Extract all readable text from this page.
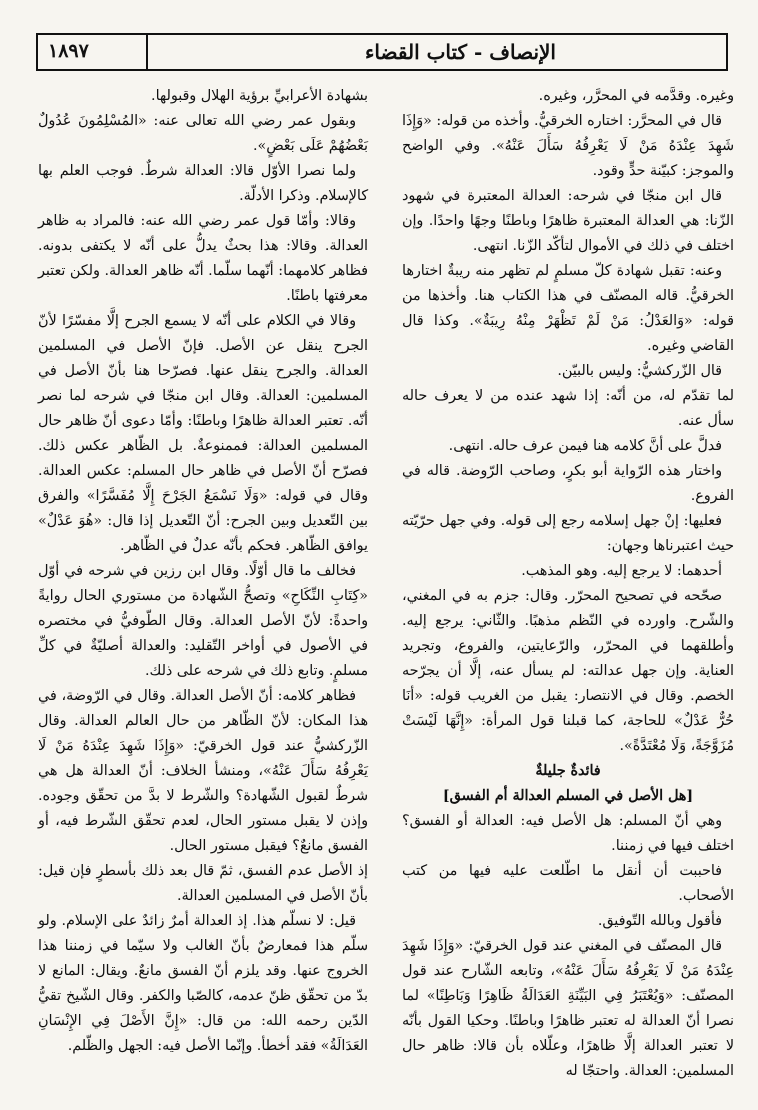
الإنصاف - كتاب القضاء
١٨٩٧

وغيره. وقدَّمه في المحرَّر، وغيره.

قال في المحرَّر: اختاره الخرقيُّ. وأخذه من قوله: «وَإِذَا شَهِدَ عِنْدَهُ مَنْ لَا يَعْرِفُهُ سَأَلَ عَنْهُ». وفي الواضح والموجز: كبيّنة حدٍّ وقود.

قال ابن منجّا في شرحه: العدالة المعتبرة في شهود الزّنا: هي العدالة المعتبرة ظاهرًا وباطنًا وجهًا واحدًا. وإن اختلف في ذلك في الأموال لتأكّد الزّنا. انتهى.

وعنه: تقبل شهادة كلّ مسلمٍ لم تظهر منه ريبةٌ اختارها الخرقيُّ. قاله المصنّف في هذا الكتاب هنا. وأخذها من قوله: «وَالعَدْلُ: مَنْ لَمْ تَظْهَرْ مِنْهُ رِيبَةٌ». وكذا قال القاضي وغيره.

قال الزّركشيُّ: وليس بالبيّن.

لما تقدّم له، من أنّه: إذا شهد عنده من لا يعرف حاله سأل عنه.

فدلَّ على أنَّ كلامه هنا فيمن عرف حاله. انتهى.

واختار هذه الرّواية أبو بكرٍ، وصاحب الرّوضة. قاله في الفروع.

فعليها: إنْ جهل إسلامه رجع إلى قوله. وفي جهل حرّيّته حيث اعتبرناها وجهان:

أحدهما: لا يرجع إليه. وهو المذهب.

صحّحه في تصحيح المحرّر. وقال: جزم به في المغني، والشّرح. واورده في النّظم مذهبًا. والثّاني: يرجع إليه. وأطلقهما في المحرّر، والرّعايتين، والفروع، وتجريد العناية. وإن جهل عدالته: لم يسأل عنه، إلَّا أن يجرّحه الخصم. وقال في الانتصار: يقبل من الغريب قوله: «أنَا حُرٌّ عَدْلٌ» للحاجة، كما قبلنا قول المرأة: «إِنَّهَا لَيْسَتْ مُزَوَّجَةً، وَلَا مُعْتَدَّةً».

فائدةٌ جليلةٌ

[هل الأصل في المسلم العدالة أم الفسق]

وهي أنّ المسلم: هل الأصل فيه: العدالة أو الفسق؟ اختلف فيها في زمننا.

فاحببت أن أنقل ما اطّلعت عليه فيها من كتب الأصحاب.

فأقول وبالله التّوفيق.

قال المصنّف في المغني عند قول الخرقيّ: «وَإِذَا شَهِدَ عِنْدَهُ مَنْ لَا يَعْرِفُهُ سَأَلَ عَنْهُ»، وتابعه الشّارح عند قول المصنّف: «وَيُعْتَبَرُ فِي البَيِّنَةِ العَدَالَةُ ظَاهِرًا وَبَاطِنًا» لما نصرا أنّ العدالة له تعتبر ظاهرًا وباطنًا. وحكيا القول بأنّه لا تعتبر العدالة إلَّا ظاهرًا، وعلّلاه بأن قالا: ظاهر حال المسلمين: العدالة. واحتجّا له

بشهادة الأعرابيِّ برؤية الهلال وقبولها.

وبقول عمر رضي الله تعالى عنه: «المُسْلِمُونَ عُدُولٌ بَعْضُهُمْ عَلَى بَعْضٍ».

ولما نصرا الأوّل قالا: العدالة شرطٌ. فوجب العلم بها كالإسلام. وذكرا الأدلّة.

وقالا: وأمّا قول عمر رضي الله عنه: فالمراد به ظاهر العدالة. وقالا: هذا بحثٌ يدلُّ على أنّه لا يكتفى بدونه. فظاهر كلامهما: أنّهما سلّما. أنّه ظاهر العدالة. ولكن تعتبر معرفتها باطنًا.

وقالا في الكلام على أنّه لا يسمع الجرح إلَّا مفسّرًا لأنّ الجرح ينقل عن الأصل. فإنّ الأصل في المسلمين العدالة. والجرح ينقل عنها. فصرّحا هنا بأنّ الأصل في المسلمين: العدالة. وقال ابن منجّا في شرحه لما نصر أنّه. تعتبر العدالة ظاهرًا وباطنًا: وأمّا دعوى أنّ ظاهر حال المسلمين العدالة: فممنوعةٌ. بل الظّاهر عكس ذلك. فصرّح أنّ الأصل في ظاهر حال المسلم: عكس العدالة. وقال في قوله: «وَلَا نَسْمَعُ الجَرْحَ إِلَّا مُفَسَّرًا» والفرق بين التّعديل وبين الجرح: أنّ التّعديل إذا قال: «هُوَ عَدْلٌ» يوافق الظّاهر. فحكم بأنّه عدلٌ في الظّاهر.

فخالف ما قال أوّلًا. وقال ابن رزين في شرحه في أوّل «كِتَابِ النِّكَاحِ» وتصحُّ الشّهادة من مستوري الحال روايةً واحدةً: لأنّ الأصل العدالة. وقال الطّوفيُّ في مختصره في الأصول في أواخر التّقليد: والعدالة أصليّةٌ في كلِّ مسلمٍ. وتابع ذلك في شرحه على ذلك.

فظاهر كلامه: أنّ الأصل العدالة. وقال في الرّوضة، في هذا المكان: لأنّ الظّاهر من حال العالم العدالة. وقال الزّركشيُّ عند قول الخرقيّ: «وَإِذَا شَهِدَ عِنْدَهُ مَنْ لَا يَعْرِفُهُ سَأَلَ عَنْهُ»، ومنشأ الخلاف: أنّ العدالة هل هي شرطٌ لقبول الشّهادة؟ والشّرط لا بدَّ من تحقّق وجوده. وإذن لا يقبل مستور الحال، لعدم تحقّق الشّرط فيه، أو الفسق مانعٌ؟ فيقبل مستور الحال.

إذ الأصل عدم الفسق، ثمّ قال بعد ذلك بأسطرٍ فإن قيل: بأنّ الأصل في المسلمين العدالة.

قيل: لا نسلّم هذا. إذ العدالة أمرٌ زائدٌ على الإسلام. ولو سلّم هذا فمعارضٌ بأنّ الغالب ولا سيّما في زمننا هذا الخروج عنها. وقد يلزم أنّ الفسق مانعٌ. ويقال: المانع لا بدّ من تحقّق ظنّ عدمه، كالصّبا والكفر. وقال الشّيخ تقيُّ الدّين رحمه الله: من قال: «إِنَّ الأَصْلَ فِي الإِنْسَانِ العَدَالَةُ» فقد أخطأ. وإنّما الأصل فيه: الجهل والظّلم.
